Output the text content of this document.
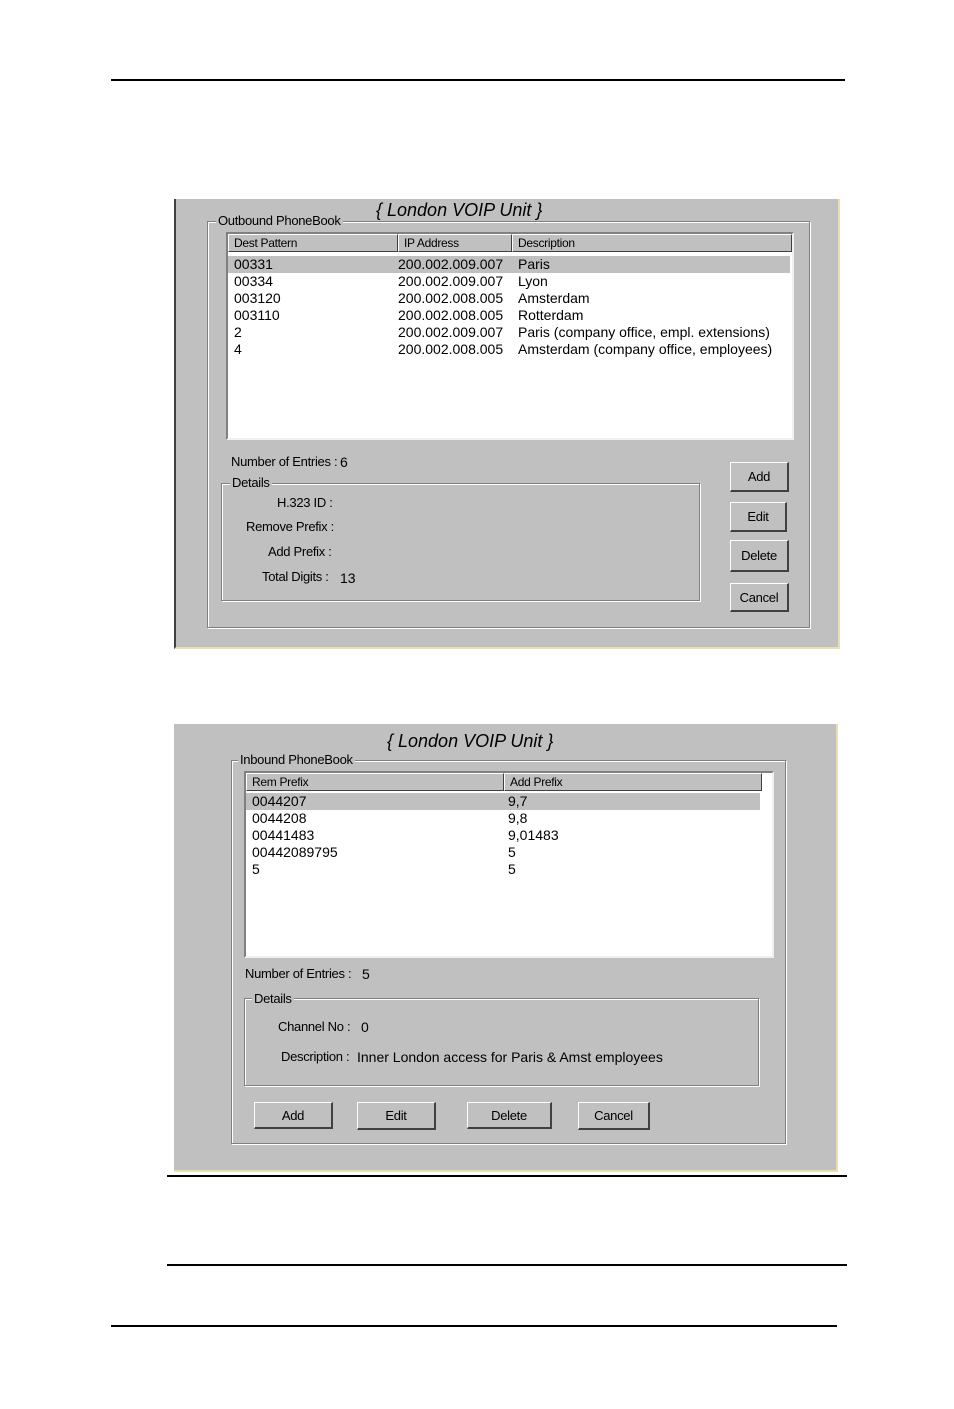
Outbound PhoneBook
{ London VOIP Unit }
Dest Pattern	IP Address	Description
00331	200.002.009.007 Paris
00334	200.002.009.007 Lyon
003120	200.002.008.005 Amsterdam
003110	200.002.008.005 Rotterdam
2	200.002.009.007 Paris (company office, empl. extensions)
4	200.002.008.005 Amsterdam (company office, employees)
Number of Entries : 6
Details
H.323 ID :
Remove Prefix :
Add Prefix :
Total Digits : 13
Add
Edit
Delete
Cancel
Inbound PhoneBook
{ London VOIP Unit }
Rem Prefix	Add Prefix
0044207	9,7
0044208	9,8
00441483	9,01483
00442089795	5
5	5
Number of Entries : 5
Details
Channel No : 0
Description : Inner London access for Paris & Amst employees
Add	Edit	Delete	Cancel
